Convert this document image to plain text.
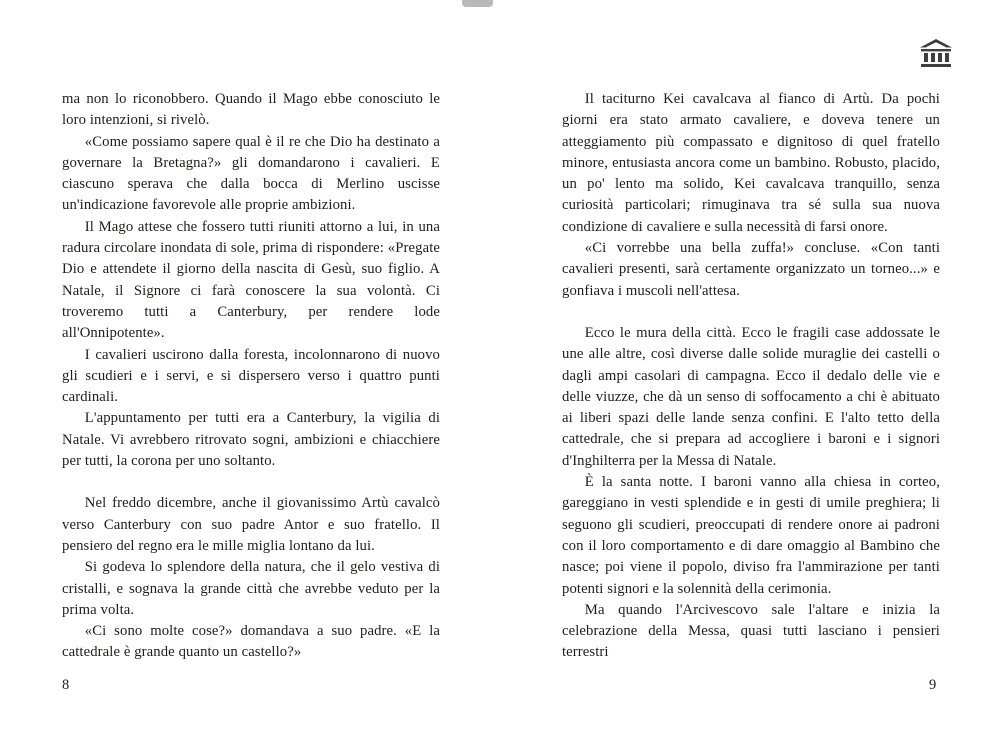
ma non lo riconobbero. Quando il Mago ebbe conosciuto le loro intenzioni, si rivelò.

«Come possiamo sapere qual è il re che Dio ha destinato a governare la Bretagna?» gli domandarono i cavalieri. E ciascuno sperava che dalla bocca di Merlino uscisse un'indicazione favorevole alle proprie ambizioni.

Il Mago attese che fossero tutti riuniti attorno a lui, in una radura circolare inondata di sole, prima di rispondere: «Pregate Dio e attendete il giorno della nascita di Gesù, suo figlio. A Natale, il Signore ci farà conoscere la sua volontà. Ci troveremo tutti a Canterbury, per rendere lode all'Onnipotente».

I cavalieri uscirono dalla foresta, incolonnarono di nuovo gli scudieri e i servi, e si dispersero verso i quattro punti cardinali.

L'appuntamento per tutti era a Canterbury, la vigilia di Natale. Vi avrebbero ritrovato sogni, ambizioni e chiacchiere per tutti, la corona per uno soltanto.

Nel freddo dicembre, anche il giovanissimo Artù cavalcò verso Canterbury con suo padre Antor e suo fratello. Il pensiero del regno era le mille miglia lontano da lui.

Si godeva lo splendore della natura, che il gelo vestiva di cristalli, e sognava la grande città che avrebbe veduto per la prima volta.

«Ci sono molte cose?» domandava a suo padre. «E la cattedrale è grande quanto un castello?»

Il taciturno Kei cavalcava al fianco di Artù. Da pochi giorni era stato armato cavaliere, e doveva tenere un atteggiamento più compassato e dignitoso di quel fratello minore, entusiasta ancora come un bambino. Robusto, placido, un po' lento ma solido, Kei cavalcava tranquillo, senza curiosità particolari; rimuginava tra sé sulla sua nuova condizione di cavaliere e sulla necessità di farsi onore.

«Ci vorrebbe una bella zuffa!» concluse. «Con tanti cavalieri presenti, sarà certamente organizzato un torneo...» e gonfiava i muscoli nell'attesa.

Ecco le mura della città. Ecco le fragili case addossate le une alle altre, così diverse dalle solide muraglie dei castelli o dagli ampi casolari di campagna. Ecco il dedalo delle vie e delle viuzze, che dà un senso di soffocamento a chi è abituato ai liberi spazi delle lande senza confini. E l'alto tetto della cattedrale, che si prepara ad accogliere i baroni e i signori d'Inghilterra per la Messa di Natale.

È la santa notte. I baroni vanno alla chiesa in corteo, gareggiano in vesti splendide e in gesti di umile preghiera; li seguono gli scudieri, preoccupati di rendere onore ai padroni con il loro comportamento e di dare omaggio al Bambino che nasce; poi viene il popolo, diviso fra l'ammirazione per tanti potenti signori e la solennità della cerimonia.

Ma quando l'Arcivescovo sale l'altare e inizia la celebrazione della Messa, quasi tutti lasciano i pensieri terrestri

8	9
